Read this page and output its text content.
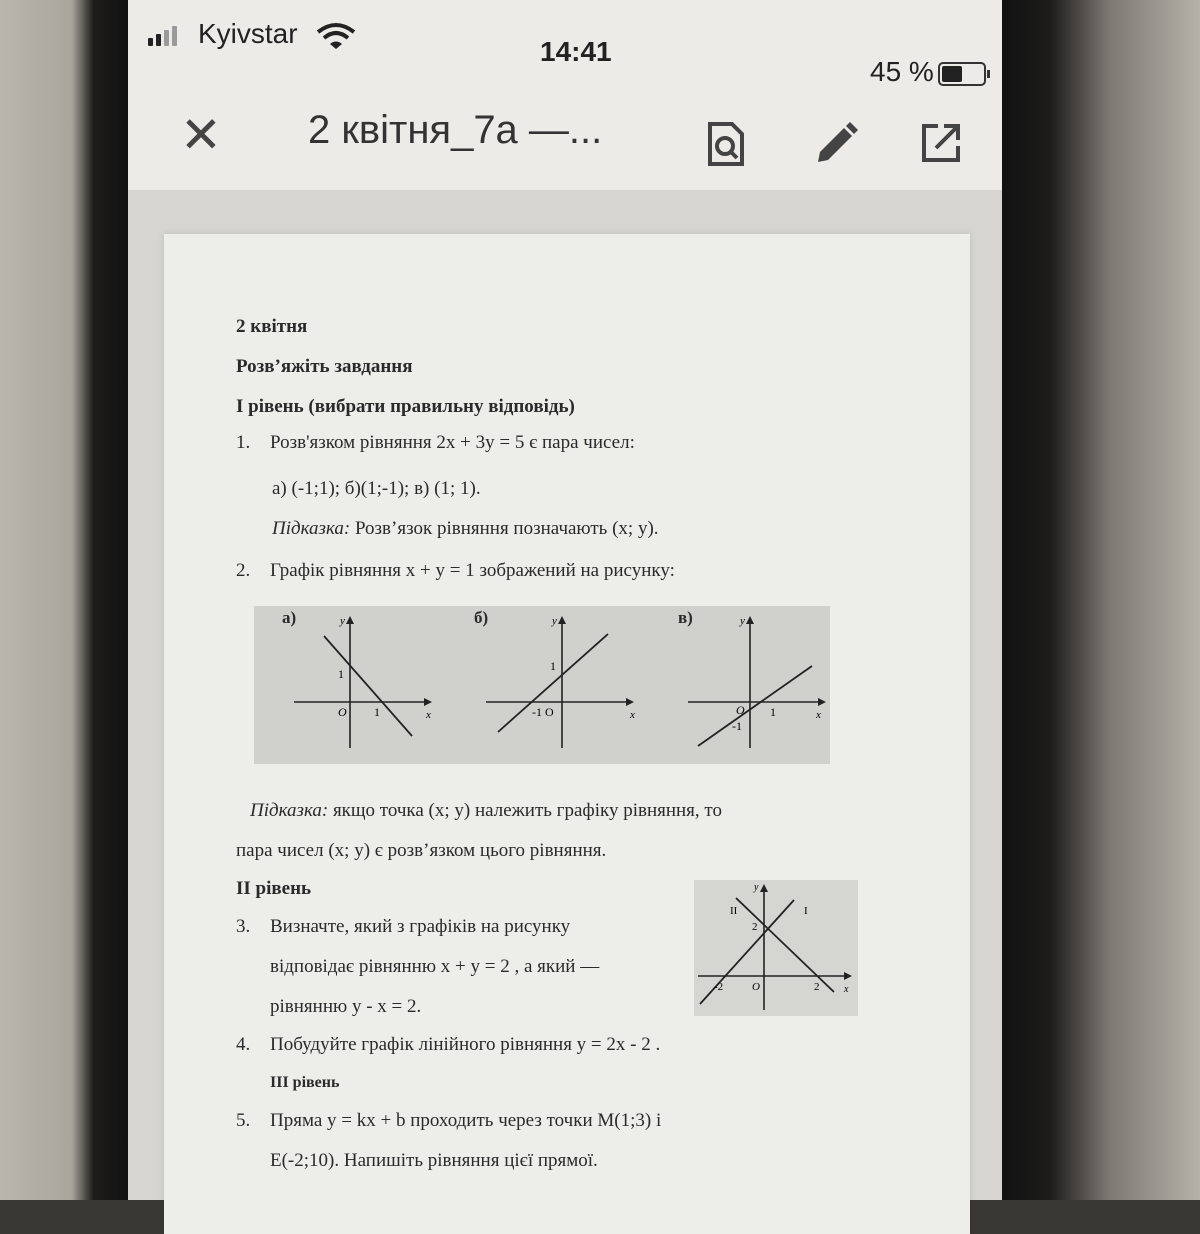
Kyivstar
14:41
45 %
✕ 2 квітня_7а —...
2 квітня
Розв’яжіть завдання
І рівень (вибрати правильну відповідь)
1. Розв'язком рівняння 2x + 3y = 5 є пара чисел:
а) (-1;1); б)(1;-1); в) (1; 1).
Підказка: Розв’язок рівняння позначають (x; y).
2. Графік рівняння x + y = 1 зображений на рисунку:
а)	б)	в)
y
x
O
1
1
y
x
-1 O
1
y
x
O
-1
1
Підказка: якщо точка (x; y) належить графіку рівняння, то
пара чисел (x; y) є розв’язком цього рівняння.
ІІ рівень
3. Визначте, який з графіків на рисунку
відповідає рівнянню x + y = 2 , а який —
рівнянню y - x = 2.
y
x
II	I
2
-2	O	2
4. Побудуйте графік лінійного рівняння y = 2x - 2 .
ІІІ рівень
5. Пряма y = kx + b проходить через точки M(1;3) і
E(-2;10). Напишіть рівняння цієї прямої.
